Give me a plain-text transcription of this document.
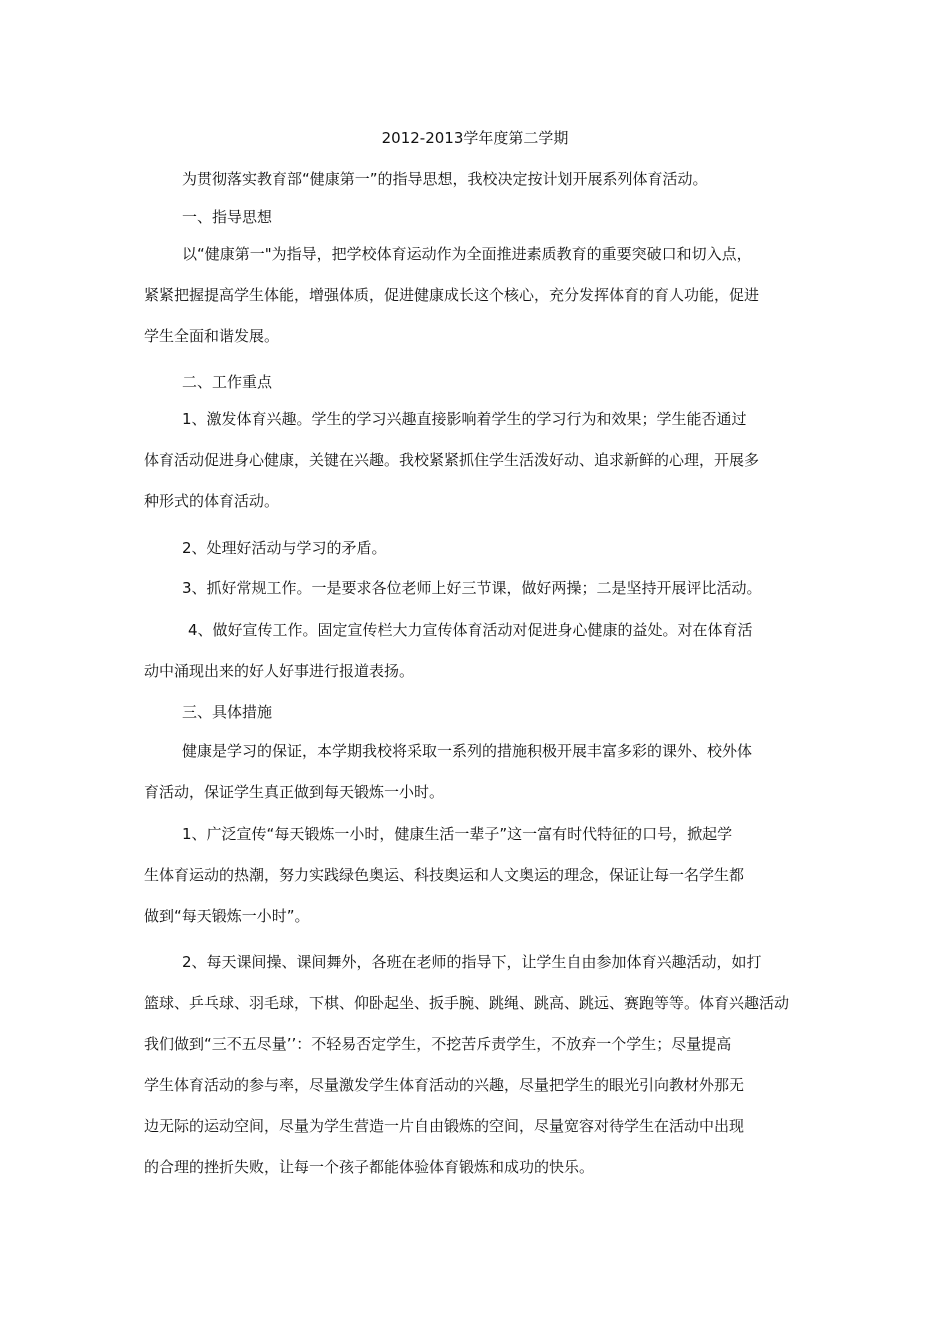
2012-2013学年度第二学期
为贯彻落实教育部“健康第一”的指导思想，我校决定按计划开展系列体育活动。
一、指导思想
以“健康第一"为指导，把学校体育运动作为全面推进素质教育的重要突破口和切入点，
紧紧把握提高学生体能，增强体质，促进健康成长这个核心，充分发挥体育的育人功能，促进
学生全面和谐发展。
二、工作重点
1、激发体育兴趣。学生的学习兴趣直接影响着学生的学习行为和效果；学生能否通过
体育活动促进身心健康，关键在兴趣。我校紧紧抓住学生活泼好动、追求新鲜的心理，开展多
种形式的体育活动。
2、处理好活动与学习的矛盾。
3、抓好常规工作。一是要求各位老师上好三节课，做好两操；二是坚持开展评比活动。
4、做好宣传工作。固定宣传栏大力宣传体育活动对促进身心健康的益处。对在体育活
动中涌现出来的好人好事进行报道表扬。
三、具体措施
健康是学习的保证，本学期我校将采取一系列的措施积极开展丰富多彩的课外、校外体
育活动，保证学生真正做到每天锻炼一小时。
1、广泛宣传“每天锻炼一小时，健康生活一辈子”这一富有时代特征的口号，掀起学
生体育运动的热潮，努力实践绿色奥运、科技奥运和人文奥运的理念，保证让每一名学生都
做到“每天锻炼一小时”。
2、每天课间操、课间舞外，各班在老师的指导下，让学生自由参加体育兴趣活动，如打
篮球、乒乓球、羽毛球，下棋、仰卧起坐、扳手腕、跳绳、跳高、跳远、赛跑等等。体育兴趣活动
我们做到“三不五尽量’’：不轻易否定学生，不挖苦斥责学生，不放弃一个学生；尽量提高
学生体育活动的参与率，尽量激发学生体育活动的兴趣，尽量把学生的眼光引向教材外那无
边无际的运动空间，尽量为学生营造一片自由锻炼的空间，尽量宽容对待学生在活动中出现
的合理的挫折失败，让每一个孩子都能体验体育锻炼和成功的快乐。
